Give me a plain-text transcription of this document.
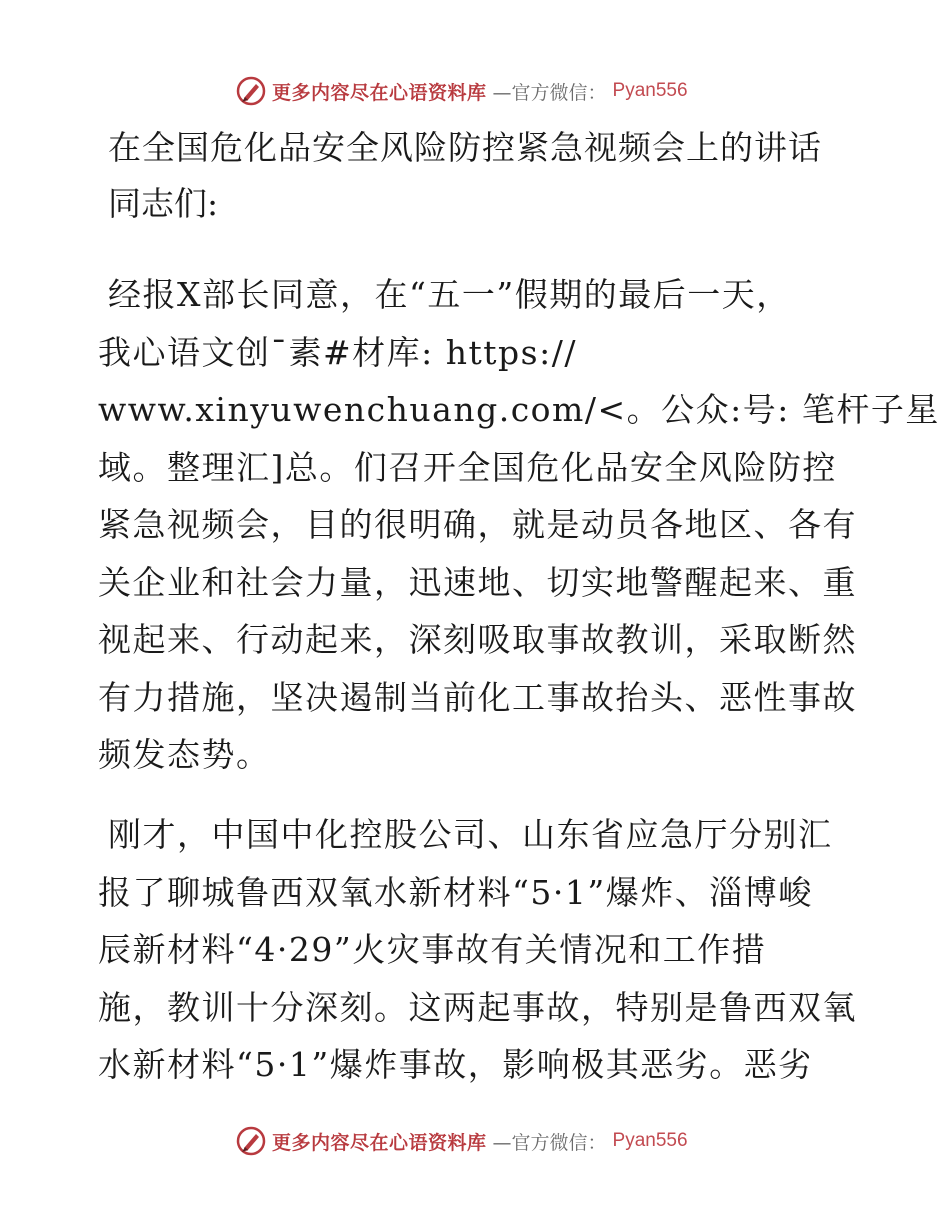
更多内容尽在心语资料库 —官方微信： Pyan556
在全国危化品安全风险防控紧急视频会上的讲话
同志们:
经报X部长同意，在“五一”假期的最后一天，
我心语文创¯素#材库: https://
www.xinyuwenchuang.com/<。公众:号: 笔杆子星
域。整理汇]总。们召开全国危化品安全风险防控
紧急视频会，目的很明确，就是动员各地区、各有
关企业和社会力量，迅速地、切实地警醒起来、重
视起来、行动起来，深刻吸取事故教训，采取断然
有力措施，坚决遏制当前化工事故抬头、恶性事故
频发态势。
刚才，中国中化控股公司、山东省应急厅分别汇
报了聊城鲁西双氧水新材料“5·1”爆炸、淄博峻
辰新材料“4·29”火灾事故有关情况和工作措
施，教训十分深刻。这两起事故，特别是鲁西双氧
水新材料“5·1”爆炸事故，影响极其恶劣。恶劣
更多内容尽在心语资料库 —官方微信： Pyan556
